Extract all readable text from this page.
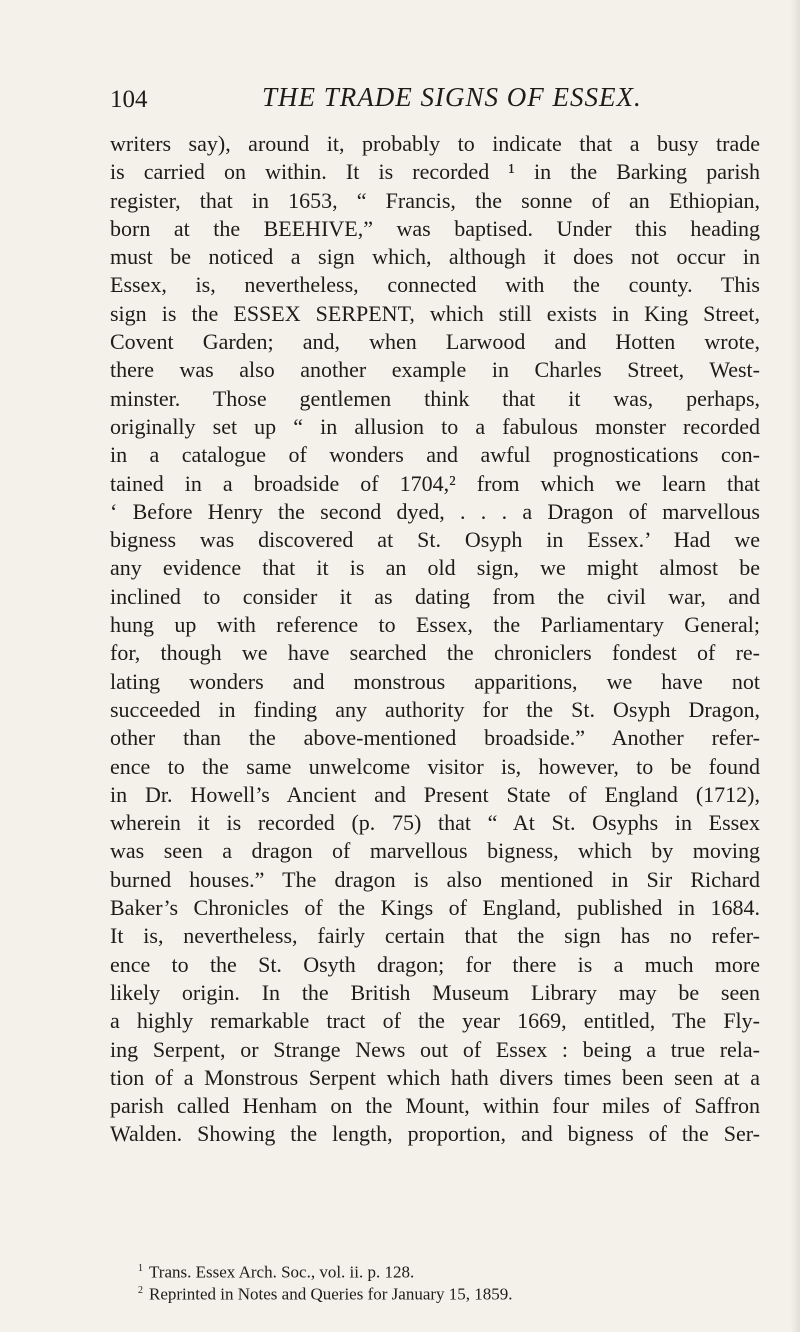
104	THE TRADE SIGNS OF ESSEX.
writers say), around it, probably to indicate that a busy trade
is carried on within. It is recorded ¹ in the Barking parish
register, that in 1653, “ Francis, the sonne of an Ethiopian,
born at the BEEHIVE,” was baptised. Under this heading
must be noticed a sign which, although it does not occur in
Essex, is, nevertheless, connected with the county. This
sign is the ESSEX SERPENT, which still exists in King Street,
Covent Garden; and, when Larwood and Hotten wrote,
there was also another example in Charles Street, West-
minster. Those gentlemen think that it was, perhaps,
originally set up “ in allusion to a fabulous monster recorded
in a catalogue of wonders and awful prognostications con-
tained in a broadside of 1704,² from which we learn that
‘ Before Henry the second dyed, . . . a Dragon of marvellous
bigness was discovered at St. Osyph in Essex.’ Had we
any evidence that it is an old sign, we might almost be
inclined to consider it as dating from the civil war, and
hung up with reference to Essex, the Parliamentary General;
for, though we have searched the chroniclers fondest of re-
lating wonders and monstrous apparitions, we have not
succeeded in finding any authority for the St. Osyph Dragon,
other than the above-mentioned broadside.” Another refer-
ence to the same unwelcome visitor is, however, to be found
in Dr. Howell’s Ancient and Present State of England (1712),
wherein it is recorded (p. 75) that “ At St. Osyphs in Essex
was seen a dragon of marvellous bigness, which by moving
burned houses.” The dragon is also mentioned in Sir Richard
Baker’s Chronicles of the Kings of England, published in 1684.
It is, nevertheless, fairly certain that the sign has no refer-
ence to the St. Osyth dragon; for there is a much more
likely origin. In the British Museum Library may be seen
a highly remarkable tract of the year 1669, entitled, The Fly-
ing Serpent, or Strange News out of Essex : being a true rela-
tion of a Monstrous Serpent which hath divers times been seen at a
parish called Henham on the Mount, within four miles of Saffron
Walden. Showing the length, proportion, and bigness of the Ser-
$^1$ Trans. Essex Arch. Soc., vol. ii. p. 128.
$^2$ Reprinted in Notes and Queries for January 15, 1859.
